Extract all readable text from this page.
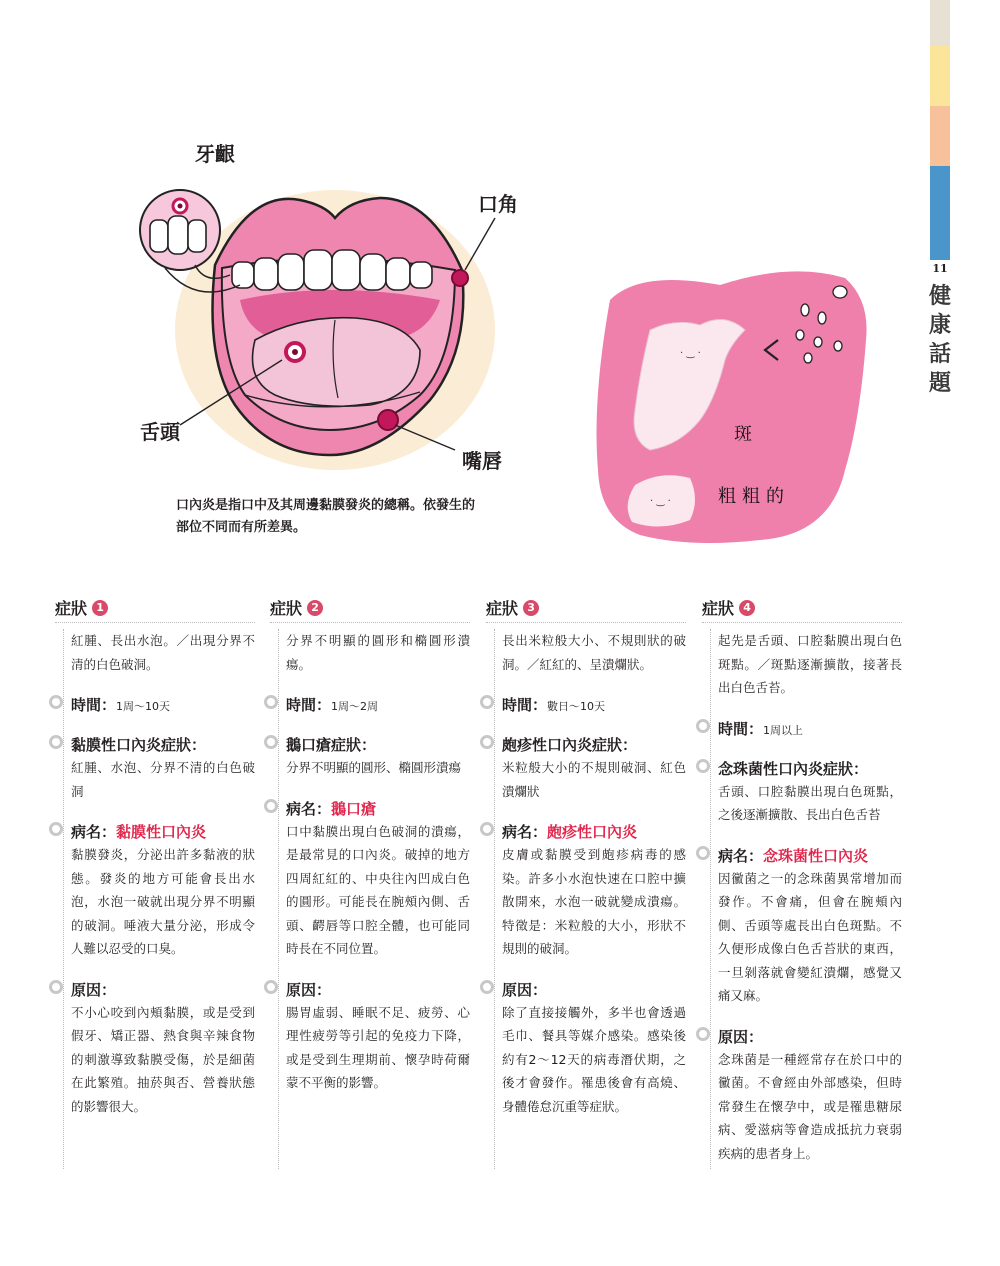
11
健
康
話
題
牙齦
口角
舌頭
嘴唇
口內炎是指口中及其周邊黏膜發炎的總稱。依發生的部位不同而有所差異。
· ‿ ·
· ‿ ·
斑
粗粗的
症狀 1
紅腫、長出水泡。／出現分界不清的白色破洞。
時間：1周～10天
黏膜性口內炎症狀：
紅腫、水泡、分界不清的白色破洞
病名：黏膜性口內炎
黏膜發炎，分泌出許多黏液的狀態。發炎的地方可能會長出水泡，水泡一破就出現分界不明顯的破洞。唾液大量分泌，形成令人難以忍受的口臭。
原因：
不小心咬到內頰黏膜，或是受到假牙、矯正器、熱食與辛辣食物的刺激導致黏膜受傷，於是細菌在此繁殖。抽菸與否、營養狀態的影響很大。
症狀 2
分界不明顯的圓形和橢圓形潰瘍。
時間：1周～2周
鵝口瘡症狀：
分界不明顯的圓形、橢圓形潰瘍
病名：鵝口瘡
口中黏膜出現白色破洞的潰瘍，是最常見的口內炎。破掉的地方四周紅紅的、中央往內凹成白色的圓形。可能長在腕頰內側、舌頭、齶唇等口腔全體，也可能同時長在不同位置。
原因：
腸胃虛弱、睡眠不足、疲勞、心理性疲勞等引起的免疫力下降，或是受到生理期前、懷孕時荷爾蒙不平衡的影響。
症狀 3
長出米粒般大小、不規則狀的破洞。／紅紅的、呈潰爛狀。
時間：數日～10天
皰疹性口內炎症狀：
米粒般大小的不規則破洞、紅色潰爛狀
病名：皰疹性口內炎
皮膚或黏膜受到皰疹病毒的感染。許多小水泡快速在口腔中擴散開來，水泡一破就變成潰瘍。特徵是：米粒般的大小，形狀不規則的破洞。
原因：
除了直接接觸外，多半也會透過毛巾、餐具等媒介感染。感染後約有2～12天的病毒潛伏期，之後才會發作。罹患後會有高燒、身體倦怠沉重等症狀。
症狀 4
起先是舌頭、口腔黏膜出現白色斑點。／斑點逐漸擴散，接著長出白色舌苔。
時間：1周以上
念珠菌性口內炎症狀：
舌頭、口腔黏膜出現白色斑點，之後逐漸擴散、長出白色舌苔
病名：念珠菌性口內炎
因黴菌之一的念珠菌異常增加而發作。不會痛，但會在腕頰內側、舌頭等處長出白色斑點。不久便形成像白色舌苔狀的東西，一旦剝落就會變紅潰爛，感覺又痛又麻。
原因：
念珠菌是一種經常存在於口中的黴菌。不會經由外部感染，但時常發生在懷孕中，或是罹患糖尿病、愛滋病等會造成抵抗力衰弱疾病的患者身上。
